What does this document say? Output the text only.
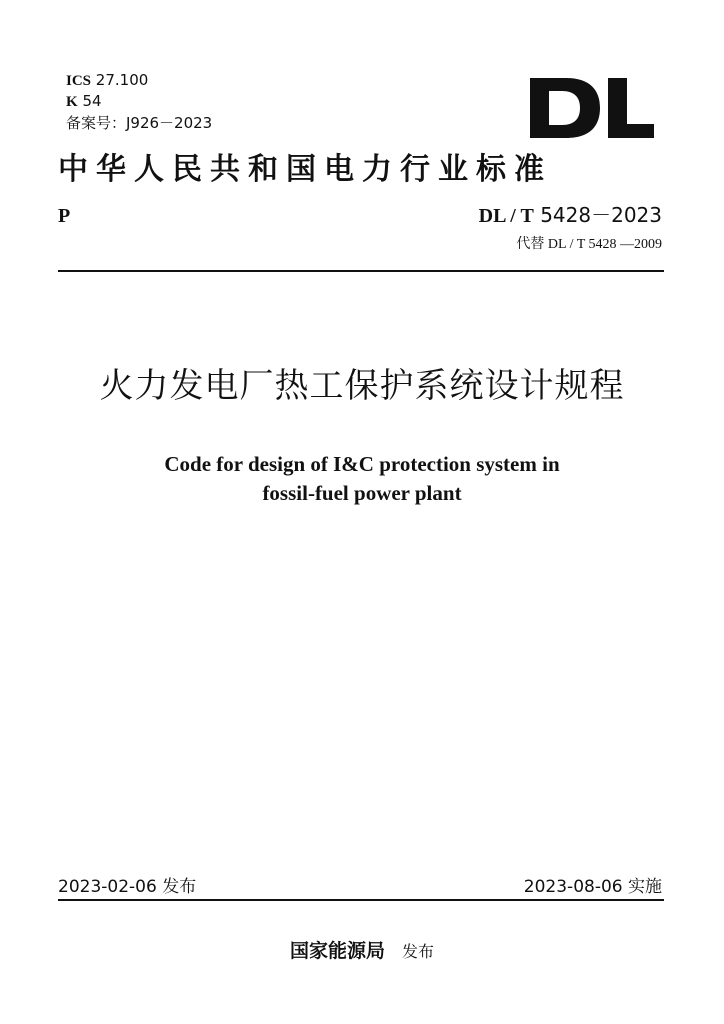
ICS 27.100
K 54
备案号：J926－2023
中华人民共和国电力行业标准
P	DL / T 5428－2023
代替 DL / T 5428 —2009
火力发电厂热工保护系统设计规程
Code for design of I&C protection system in
fossil-fuel power plant
2023-02-06 发布	2023-08-06 实施
国家能源局 发布
